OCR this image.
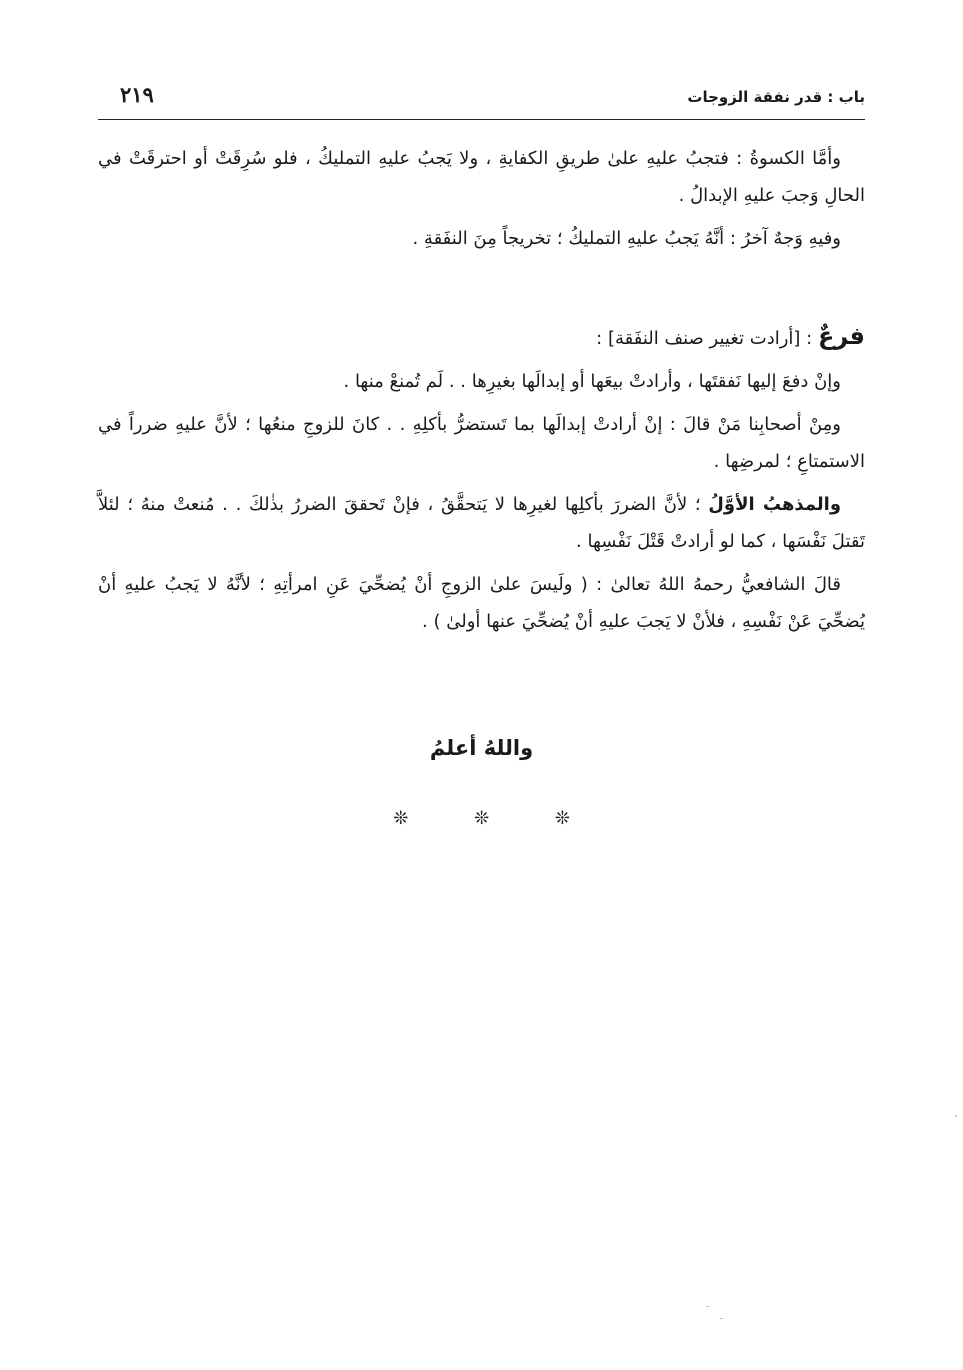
باب : قدر نفقة الزوجات
٢١٩

وأمَّا الكسوةُ : فتجبُ عليهِ علىٰ طريقِ الكفايةِ ، ولا يَجبُ عليهِ التمليكُ ، فلو سُرِقَتْ أو احترقَتْ في الحالِ وَجبَ عليهِ الإبدالُ .

وفيهِ وَجهٌ آخرُ : أنَّهُ يَجبُ عليهِ التمليكُ ؛ تخريجاً مِنَ النفَقةِ .

فرعٌ : [أرادت تغيير صنف النفَقة] :

وإنْ دفعَ إليها نَفقتَها ، وأرادتْ بيعَها أو إبدالَها بغيرِها . . لَم تُمنعْ منها .

ومِنْ أصحابِنا مَنْ قالَ : إنْ أرادتْ إبدالَها بما تَستضرُّ بأكلِهِ . . كانَ للزوجِ منعُها ؛ لأنَّ عليهِ ضرراً في الاستمتاعِ ؛ لمرضِها .

والمذهبُ الأوَّلُ ؛ لأنَّ الضررَ بأكلِها لغيرِها لا يَتحقَّقُ ، فإنْ تَحققَ الضررُ بذٰلكَ . . مُنعتْ منهُ ؛ لئلاَّ تَقتلَ نَفْسَها ، كما لو أرادتْ قَتْلَ نَفْسِها .

قالَ الشافعيُّ رحمهُ اللهُ تعالىٰ : ( ولَيسَ علىٰ الزوجِ أنْ يُضحِّيَ عَنِ امرأتِهِ ؛ لأنَّهُ لا يَجبُ عليهِ أنْ يُضحِّيَ عَنْ نَفْسِهِ ، فلأنْ لا يَجبَ عليهِ أنْ يُضحِّيَ عنها أولىٰ ) .

واللهُ أعلمُ
❊ ❊ ❊
